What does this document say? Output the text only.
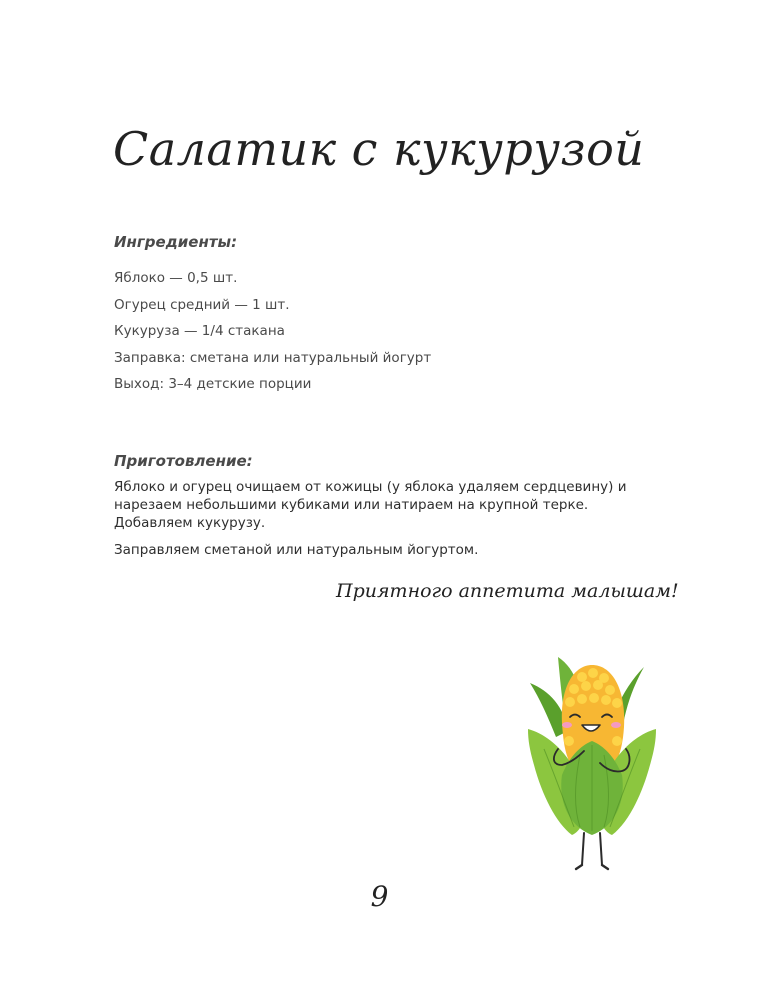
Салатик с кукурузой
Ингредиенты:
Яблоко — 0,5 шт.
Огурец средний — 1 шт.
Кукуруза — 1/4 стакана
Заправка: сметана или натуральный йогурт
Выход: 3–4 детские порции
Приготовление:

Яблоко и огурец очищаем от кожицы (у яблока удаляем сердцевину) и нарезаем небольшими кубиками или натираем на крупной терке. Добавляем кукурузу.

Заправляем сметаной или натуральным йогуртом.

Приятного аппетита малышам!
9
